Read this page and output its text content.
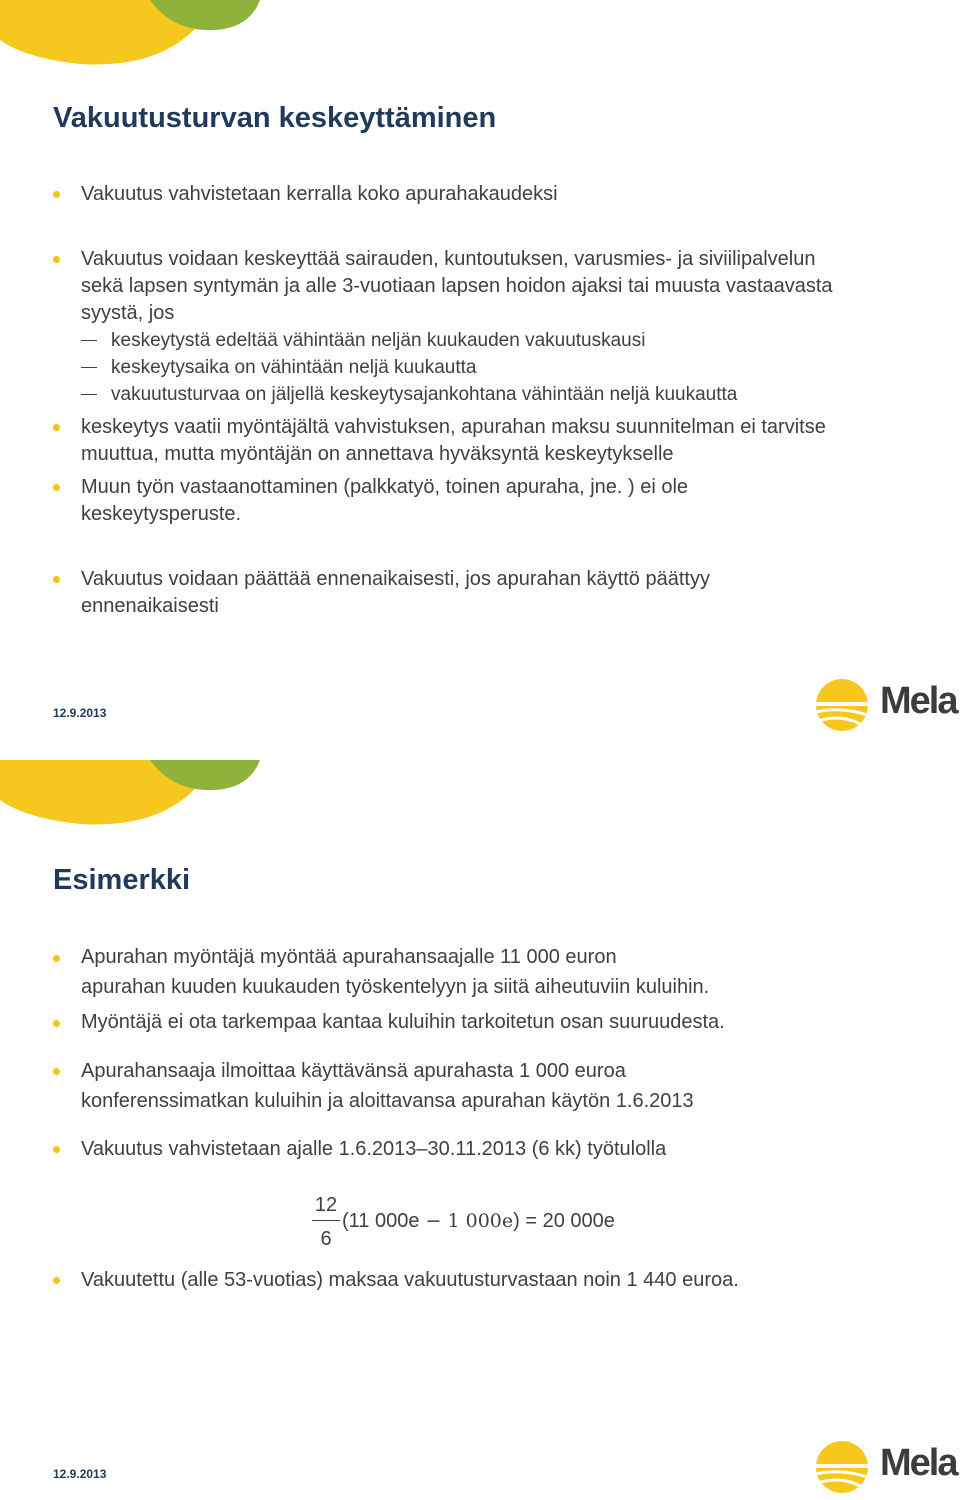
Vakuutusturvan keskeyttäminen

Vakuutus vahvistetaan kerralla koko apurahakaudeksi

Vakuutus voidaan keskeyttää sairauden, kuntoutuksen, varusmies- ja siviilipalvelun

sekä lapsen syntymän ja alle 3-vuotiaan lapsen hoidon ajaksi tai muusta vastaavasta

syystä, jos

keskeytystä edeltää vähintään neljän kuukauden vakuutuskausi

keskeytysaika on vähintään neljä kuukautta

vakuutusturvaa on jäljellä keskeytysajankohtana vähintään neljä kuukautta

keskeytys vaatii myöntäjältä vahvistuksen, apurahan maksu suunnitelman ei tarvitse

muuttua, mutta myöntäjän on annettava hyväksyntä keskeytykselle

Muun työn vastaanottaminen (palkkatyö, toinen apuraha, jne. ) ei ole

keskeytysperuste.

Vakuutus voidaan päättää ennenaikaisesti, jos apurahan käyttö päättyy

ennenaikaisesti

12.9.2013	Mela
Esimerkki

Apurahan myöntäjä myöntää apurahansaajalle 11 000 euron

apurahan kuuden kuukauden työskentelyyn ja siitä aiheutuviin kuluihin.

Myöntäjä ei ota tarkempaa kantaa kuluihin tarkoitetun osan suuruudesta.

Apurahansaaja ilmoittaa käyttävänsä apurahasta 1 000 euroa

konferenssimatkan kuluihin ja aloittavansa apurahan käytön 1.6.2013

Vakuutus vahvistetaan ajalle 1.6.2013–30.11.2013 (6 kk) työtulolla

12
6
(11 000e − 1 000e) = 20 000e

Vakuutettu (alle 53-vuotias) maksaa vakuutusturvastaan noin 1 440 euroa.

12.9.2013	Mela
